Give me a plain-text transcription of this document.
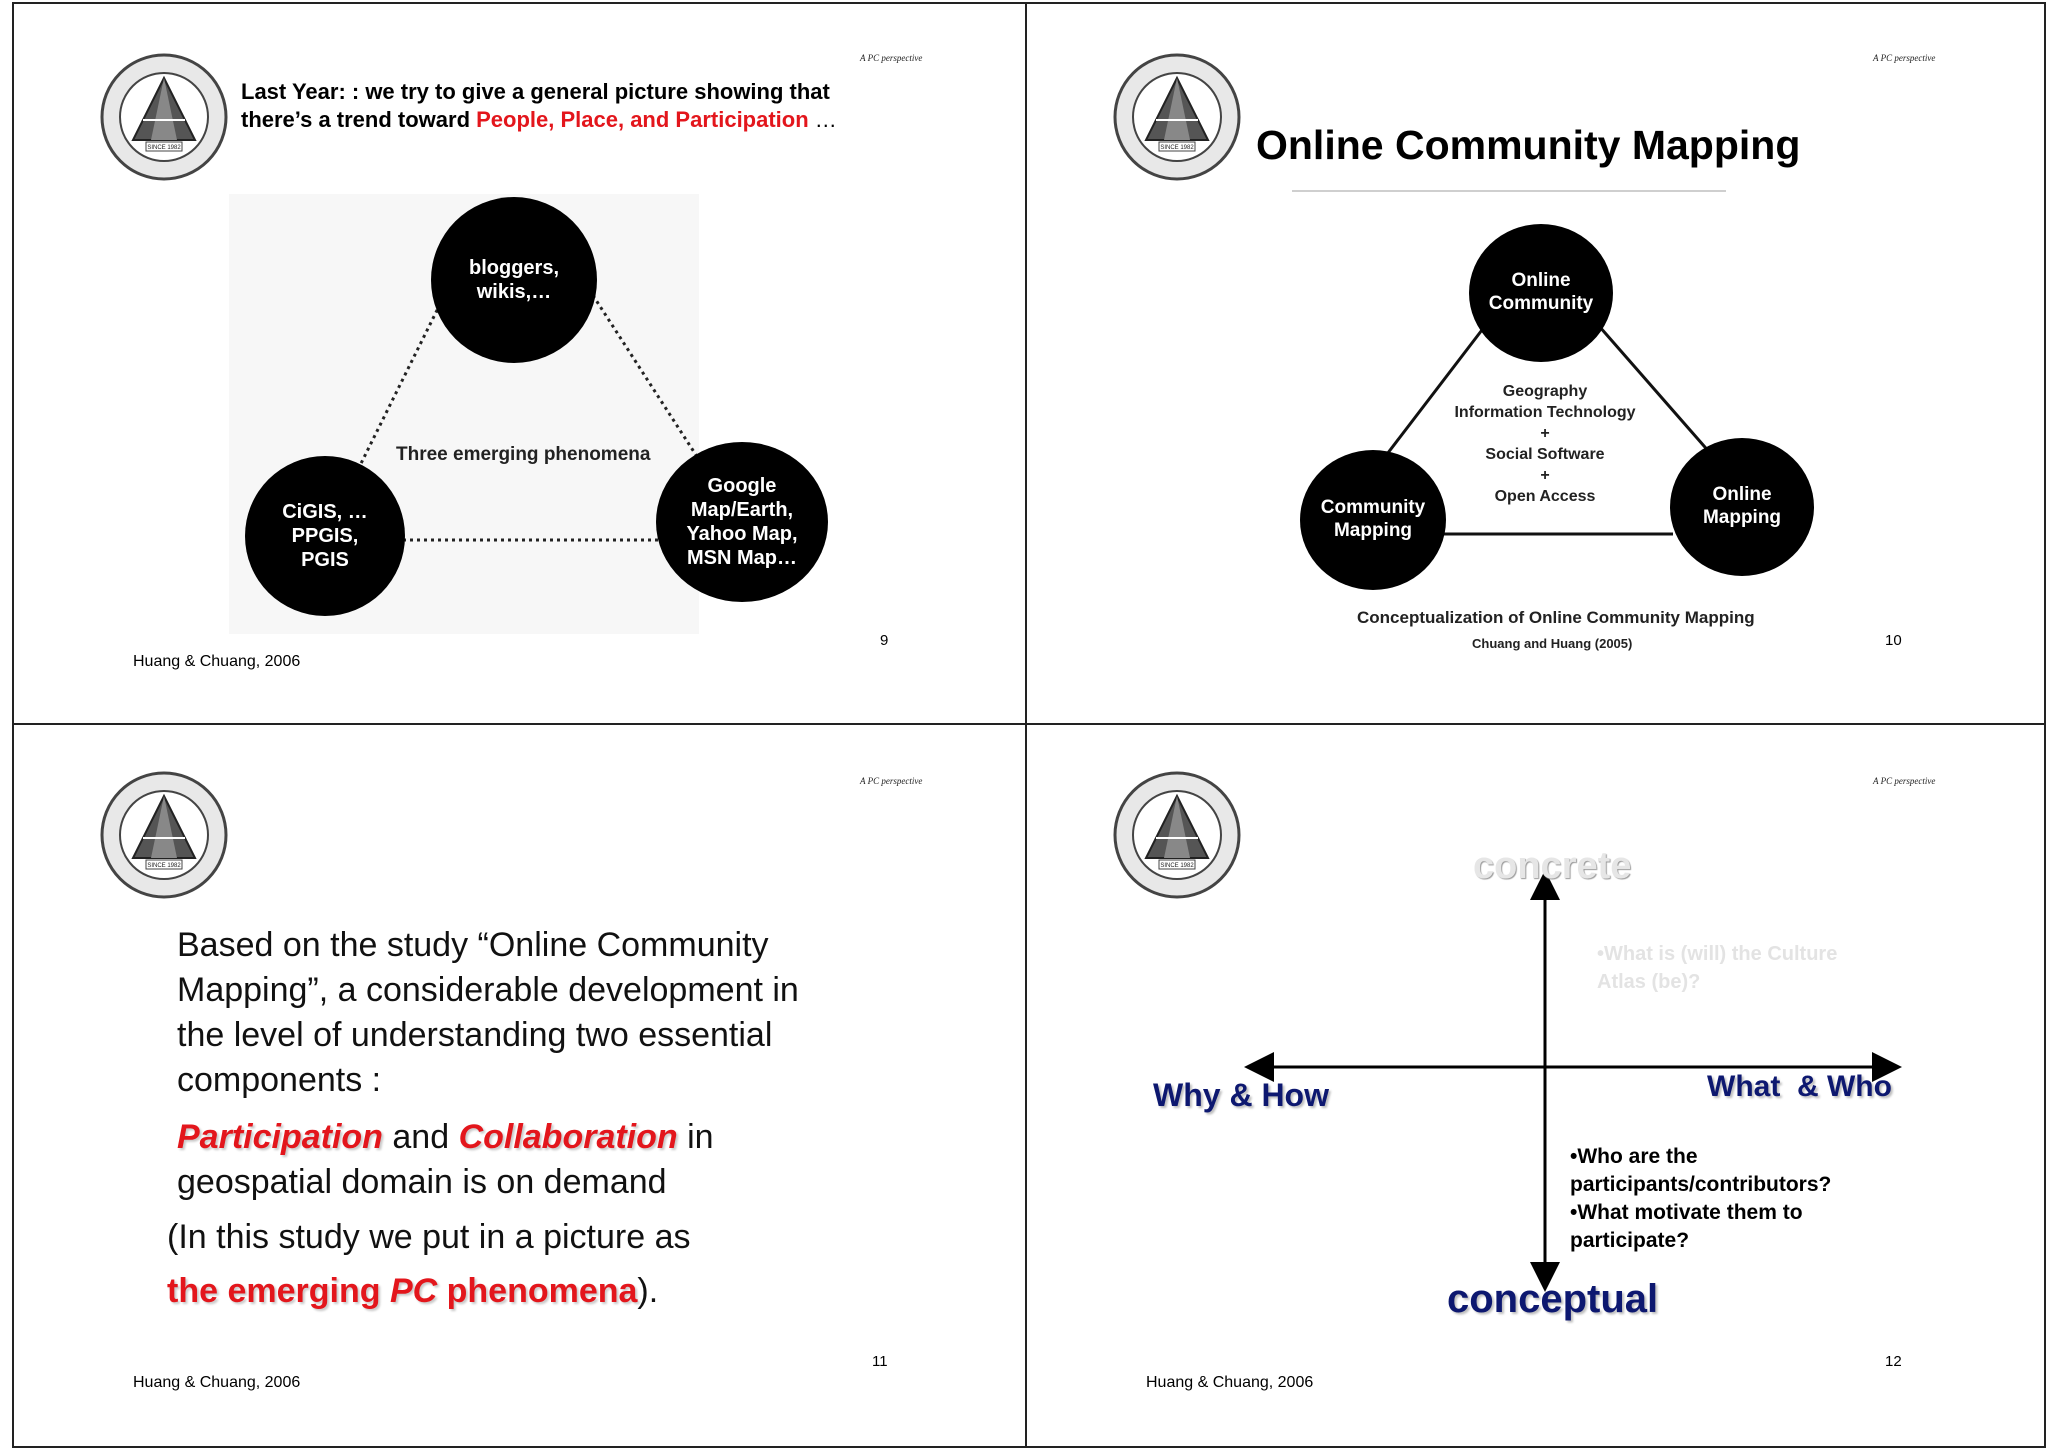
SINCE 1982
A PC perspective
Last Year: : we try to give a general picture showing that
there’s a trend toward People, Place, and Participation …
bloggers, wikis,…
CiGIS, … PPGIS, PGIS
Google Map/Earth, Yahoo Map, MSN Map…
Three emerging phenomena
9
Huang & Chuang, 2006
SINCE 1982
A PC perspective
Online Community Mapping
Online Community
Community Mapping
Online Mapping
Geography
Information Technology
+
Social Software
+
Open Access
Conceptualization of Online Community Mapping
Chuang and Huang (2005)	10
SINCE 1982
A PC perspective
Based on the study “Online Community
Mapping”, a considerable development in
the level of understanding two essential
components :
Participation and Collaboration in
geospatial domain is on demand
(In this study we put in a picture as
the emerging PC phenomena).
11
Huang & Chuang, 2006
SINCE 1982
A PC perspective
concrete
conceptual
Why & How	What  & Who
•What is (will) the Culture
Atlas (be)?
•Who are the
participants/contributors?
•What motivate them to
participate?
12
Huang & Chuang, 2006
